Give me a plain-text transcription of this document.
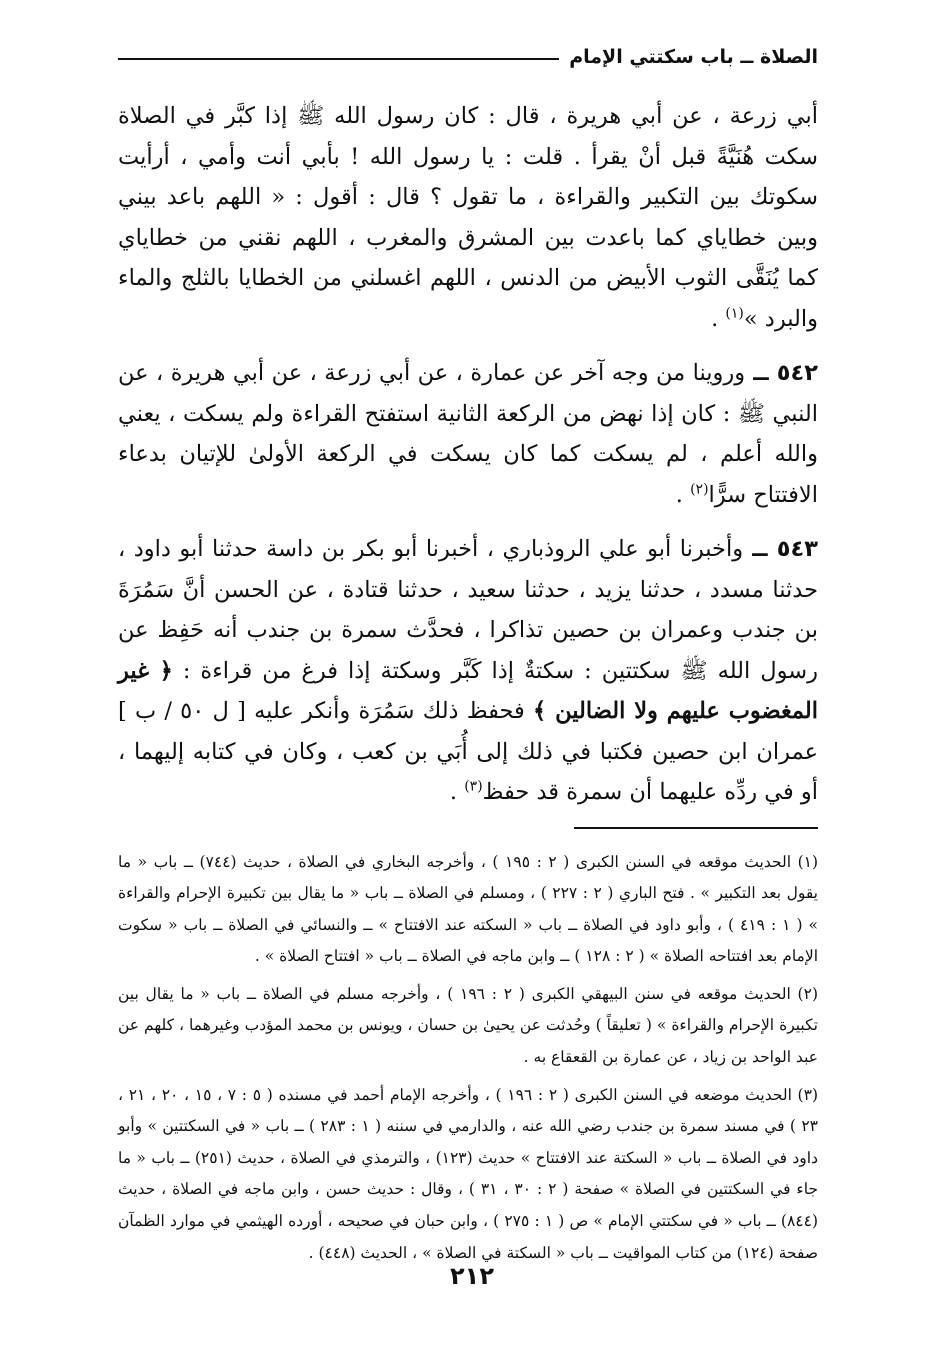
الصلاة ــ باب سكتتي الإمام

أبي زرعة ، عن أبي هريرة ، قال : كان رسول الله ﷺ إذا كبَّر في الصلاة سكت هُنَيَّةً قبل أنْ يقرأ . قلت : يا رسول الله ! بأبي أنت وأمي ، أرأيت سكوتك بين التكبير والقراءة ، ما تقول ؟ قال : أقول : « اللهم باعد بيني وبين خطاياي كما باعدت بين المشرق والمغرب ، اللهم نقني من خطاياي كما يُنَقَّى الثوب الأبيض من الدنس ، اللهم اغسلني من الخطايا بالثلج والماء والبرد »$^{(١)}$ .

٥٤٢ ــ وروينا من وجه آخر عن عمارة ، عن أبي زرعة ، عن أبي هريرة ، عن النبي ﷺ : كان إذا نهض من الركعة الثانية استفتح القراءة ولم يسكت ، يعني والله أعلم ، لم يسكت كما كان يسكت في الركعة الأولىٰ للإتيان بدعاء الافتتاح سرًّا$^{(٢)}$ .

٥٤٣ ــ وأخبرنا أبو علي الروذباري ، أخبرنا أبو بكر بن داسة حدثنا أبو داود ، حدثنا مسدد ، حدثنا يزيد ، حدثنا سعيد ، حدثنا قتادة ، عن الحسن أنَّ سَمُرَةَ بن جندب وعمران بن حصين تذاكرا ، فحدَّث سمرة بن جندب أنه حَفِظ عن رسول الله ﷺ سكتتين : سكتةٌ إذا كَبَّر وسكتة إذا فرغ من قراءة : ﴿ غير المغضوب عليهم ولا الضالين ﴾ فحفظ ذلك سَمُرَة وأنكر عليه [ ل ٥٠ / ب ] عمران ابن حصين فكتبا في ذلك إلى أُبَي بن كعب ، وكان في كتابه إليهما ، أو في ردِّه عليهما أن سمرة قد حفظ$^{(٣)}$ .

(١) الحديث موقعه في السنن الكبرى ( ٢ : ١٩٥ ) ، وأخرجه البخاري في الصلاة ، حديث (٧٤٤) ــ باب « ما يقول بعد التكبير » . فتح الباري ( ٢ : ٢٢٧ ) ، ومسلم في الصلاة ــ باب « ما يقال بين تكبيرة الإحرام والقراءة » ( ١ : ٤١٩ ) ، وأبو داود في الصلاة ــ باب « السكته عند الافتتاح » ــ والنسائي في الصلاة ــ باب « سكوت الإمام بعد افتتاحه الصلاة » ( ٢ : ١٢٨ ) ــ وابن ماجه في الصلاة ــ باب « افتتاح الصلاة » .

(٢) الحديث موقعه في سنن البيهقي الكبرى ( ٢ : ١٩٦ ) ، وأخرجه مسلم في الصلاة ــ باب « ما يقال بين تكبيرة الإحرام والقراءة » ( تعليقاً ) وحُدثت عن يحيىٰ بن حسان ، ويونس بن محمد المؤدب وغيرهما ، كلهم عن عبد الواحد بن زياد ، عن عمارة بن القعقاع به .

(٣) الحديث موضعه في السنن الكبرى ( ٢ : ١٩٦ ) ، وأخرجه الإمام أحمد في مسنده ( ٥ : ٧ ، ١٥ ، ٢٠ ، ٢١ ، ٢٣ ) في مسند سمرة بن جندب رضي الله عنه ، والدارمي في سننه ( ١ : ٢٨٣ ) ــ باب « في السكتتين » وأبو داود في الصلاة ــ باب « السكتة عند الافتتاح » حديث (١٢٣) ، والترمذي في الصلاة ، حديث (٢٥١) ــ باب « ما جاء في السكتتين في الصلاة » صفحة ( ٢ : ٣٠ ، ٣١ ) ، وقال : حديث حسن ، وابن ماجه في الصلاة ، حديث (٨٤٤) ــ باب « في سكتتي الإمام » ص ( ١ : ٢٧٥ ) ، وابن حبان في صحيحه ، أورده الهيثمي في موارد الظمآن صفحة (١٢٤) من كتاب المواقيت ــ باب « السكتة في الصلاة » ، الحديث (٤٤٨) .

٢١٢
